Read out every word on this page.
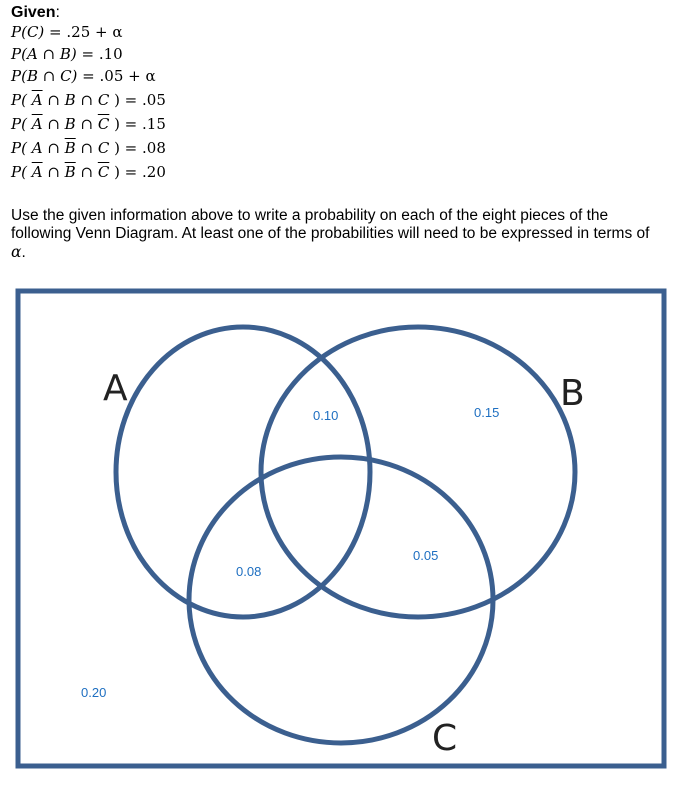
Given:
P(C) = .25 + α
P(A ∩ B) = .10
P(B ∩ C) = .05 + α
P( $\overline{A}$ ∩ B ∩ C ) = .05
P( $\overline{A}$ ∩ B ∩ $\overline{C}$ ) = .15
P( A ∩ $\overline{B}$ ∩ C ) = .08
P( $\overline{A}$ ∩ $\overline{B}$ ∩ $\overline{C}$ ) = .20
Use the given information above to write a probability on each of the eight pieces of the following Venn Diagram. At least one of the probabilities will need to be expressed in terms of α.
A	B
C
0.10	0.15
0.08
0.05
0.20
